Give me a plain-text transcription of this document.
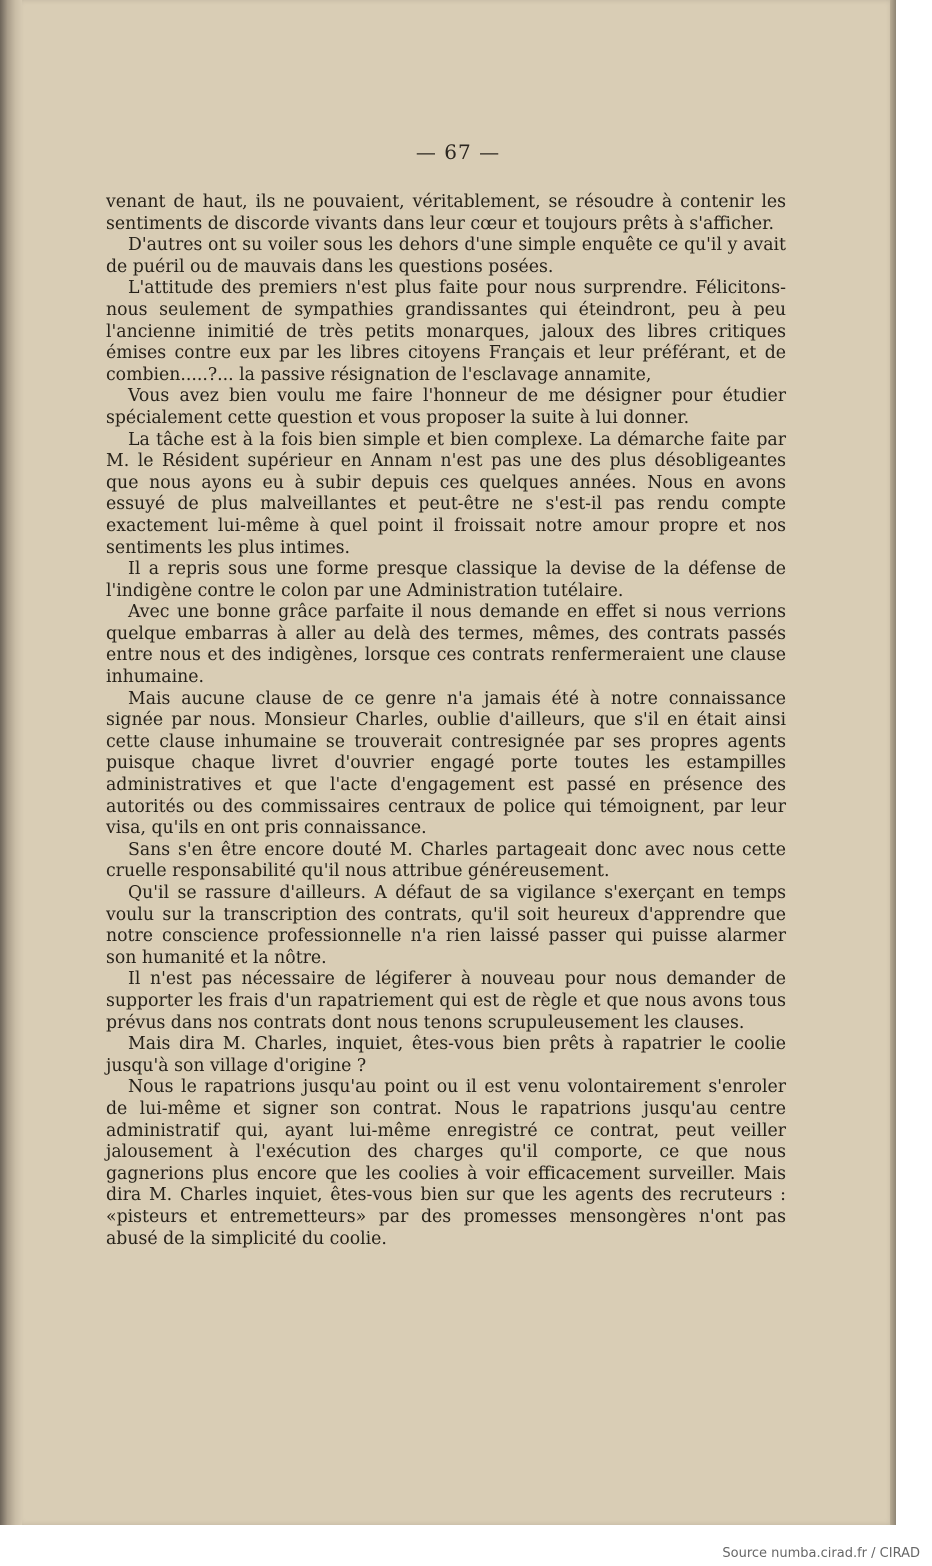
— 67 —

venant de haut, ils ne pouvaient, véritablement, se résoudre à contenir les sentiments de discorde vivants dans leur cœur et toujours prêts à s'afficher.

D'autres ont su voiler sous les dehors d'une simple enquête ce qu'il y avait de puéril ou de mauvais dans les questions posées.

L'attitude des premiers n'est plus faite pour nous surprendre. Félicitons-nous seulement de sympathies grandissantes qui éteindront, peu à peu l'ancienne inimitié de très petits monarques, jaloux des libres critiques émises contre eux par les libres citoyens Français et leur préférant, et de combien.....?... la passive résignation de l'esclavage annamite,

Vous avez bien voulu me faire l'honneur de me désigner pour étudier spécialement cette question et vous proposer la suite à lui donner.

La tâche est à la fois bien simple et bien complexe. La démarche faite par M. le Résident supérieur en Annam n'est pas une des plus désobligeantes que nous ayons eu à subir depuis ces quelques années. Nous en avons essuyé de plus malveillantes et peut-être ne s'est-il pas rendu compte exactement lui-même à quel point il froissait notre amour propre et nos sentiments les plus intimes.

Il a repris sous une forme presque classique la devise de la défense de l'indigène contre le colon par une Administration tutélaire.

Avec une bonne grâce parfaite il nous demande en effet si nous verrions quelque embarras à aller au delà des termes, mêmes, des contrats passés entre nous et des indigènes, lorsque ces contrats renfermeraient une clause inhumaine.

Mais aucune clause de ce genre n'a jamais été à notre connaissance signée par nous. Monsieur Charles, oublie d'ailleurs, que s'il en était ainsi cette clause inhumaine se trouverait contresignée par ses propres agents puisque chaque livret d'ouvrier engagé porte toutes les estampilles administratives et que l'acte d'engagement est passé en présence des autorités ou des commissaires centraux de police qui témoignent, par leur visa, qu'ils en ont pris connaissance.

Sans s'en être encore douté M. Charles partageait donc avec nous cette cruelle responsabilité qu'il nous attribue généreusement.

Qu'il se rassure d'ailleurs. A défaut de sa vigilance s'exerçant en temps voulu sur la transcription des contrats, qu'il soit heureux d'apprendre que notre conscience professionnelle n'a rien laissé passer qui puisse alarmer son humanité et la nôtre.

Il n'est pas nécessaire de légiferer à nouveau pour nous demander de supporter les frais d'un rapatriement qui est de règle et que nous avons tous prévus dans nos contrats dont nous tenons scrupuleusement les clauses.

Mais dira M. Charles, inquiet, êtes-vous bien prêts à rapatrier le coolie jusqu'à son village d'origine ?

Nous le rapatrions jusqu'au point ou il est venu volontairement s'enroler de lui-même et signer son contrat. Nous le rapatrions jusqu'au centre administratif qui, ayant lui-même enregistré ce contrat, peut veiller jalousement à l'exécution des charges qu'il comporte, ce que nous gagnerions plus encore que les coolies à voir efficacement surveiller. Mais dira M. Charles inquiet, êtes-vous bien sur que les agents des recruteurs : «pisteurs et entremetteurs» par des promesses mensongères n'ont pas abusé de la simplicité du coolie.

Source numba.cirad.fr / CIRAD
